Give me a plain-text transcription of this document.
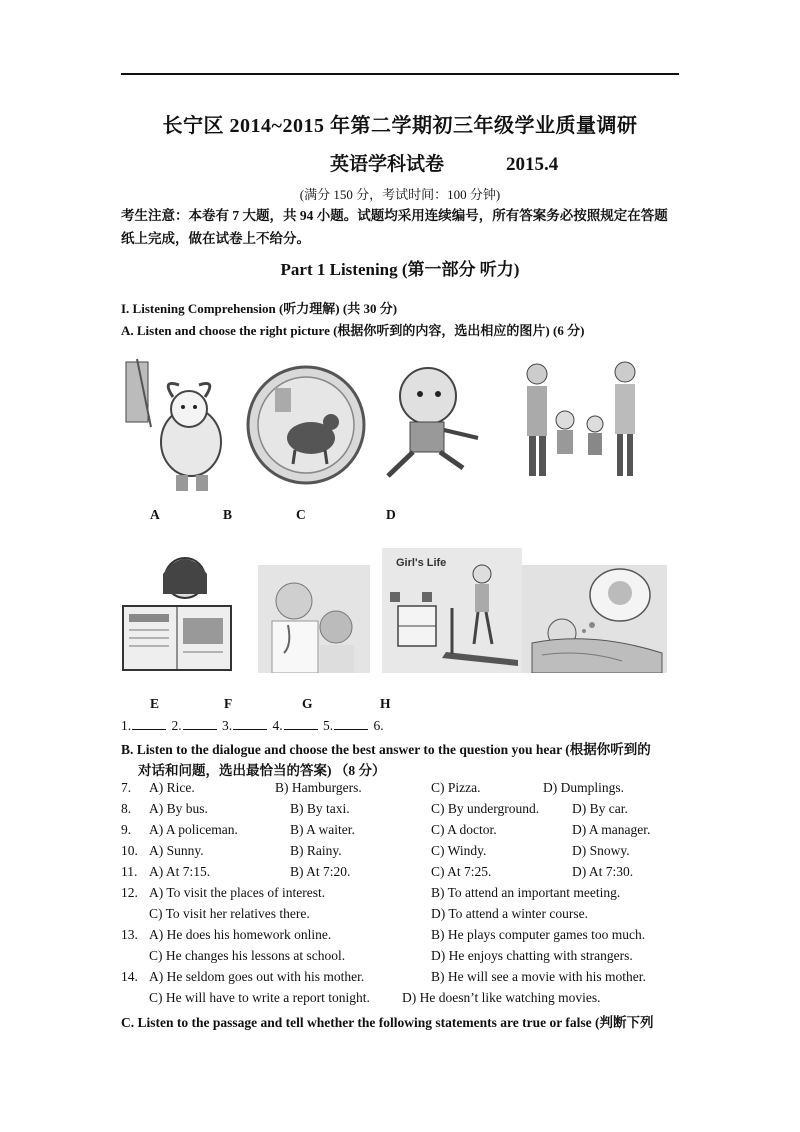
长宁区 2014~2015 年第二学期初三年级学业质量调研
英语学科试卷	2015.4
(满分 150 分，考试时间：100 分钟)
考生注意：本卷有 7 大题，共 94 小题。试题均采用连续编号，所有答案务必按照规定在答题纸上完成，做在试卷上不给分。
Part 1 Listening (第一部分 听力)
I. Listening Comprehension (听力理解) (共 30 分)
A. Listen and choose the right picture (根据你听到的内容，选出相应的图片) (6 分)
A	B	C	D
Girl's Life
E	F	G	H
1.	2.	3.	4.	5.	6.
B. Listen to the dialogue and choose the best answer to the question you hear (根据你听到的
对话和问题，选出最恰当的答案) （8 分）
7. A) Rice.	B) Hamburgers.	C) Pizza.	D) Dumplings.
8. A) By bus.	B) By taxi.	C) By underground. D) By car.
9. A) A policeman.	B) A waiter.	C) A doctor.	D) A manager.
10. A) Sunny.	B) Rainy.	C) Windy.	D) Snowy.
11. A) At 7:15.	B) At 7:20.	C) At 7:25.	D) At 7:30.
12. A) To visit the places of interest.	B) To attend an important meeting.
C) To visit her relatives there.	D) To attend a winter course.
13. A) He does his homework online.	B) He plays computer games too much.
C) He changes his lessons at school.	D) He enjoys chatting with strangers.
14. A) He seldom goes out with his mother.	B) He will see a movie with his mother.
C) He will have to write a report tonight. D) He doesn’t like watching movies.
C. Listen to the passage and tell whether the following statements are true or false (判断下列
